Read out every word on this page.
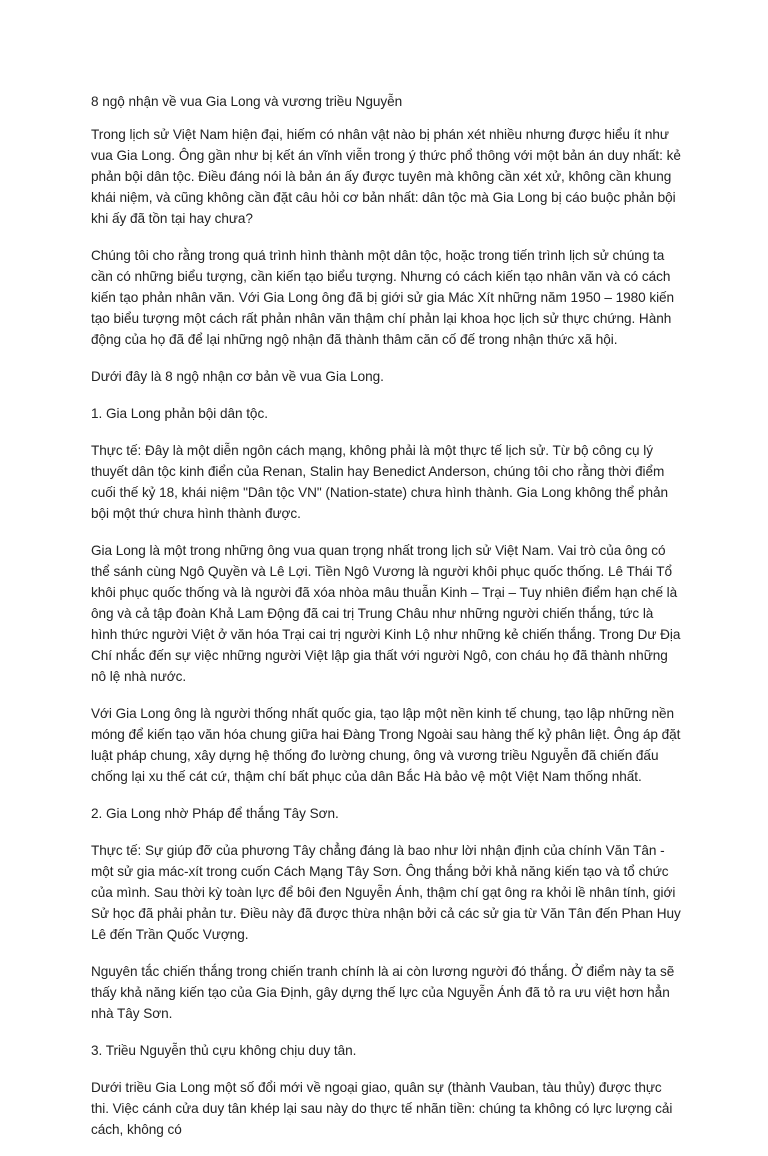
8 ngộ nhận về vua Gia Long và vương triều Nguyễn

Trong lịch sử Việt Nam hiện đại, hiếm có nhân vật nào bị phán xét nhiều nhưng được hiểu ít như vua Gia Long. Ông gần như bị kết án vĩnh viễn trong ý thức phổ thông với một bản án duy nhất: kẻ phản bội dân tộc. Điều đáng nói là bản án ấy được tuyên mà không cần xét xử, không cần khung khái niệm, và cũng không cần đặt câu hỏi cơ bản nhất: dân tộc mà Gia Long bị cáo buộc phản bội khi ấy đã tồn tại hay chưa?

Chúng tôi cho rằng trong quá trình hình thành một dân tộc, hoặc trong tiến trình lịch sử chúng ta cần có những biểu tượng, cần kiến tạo biểu tượng. Nhưng có cách kiến tạo nhân văn và có cách kiến tạo phản nhân văn. Với Gia Long ông đã bị giới sử gia Mác Xít những năm 1950 – 1980 kiến tạo biểu tượng một cách rất phản nhân văn thậm chí phản lại khoa học lịch sử thực chứng. Hành động của họ đã để lại những ngộ nhận đã thành thâm căn cố đế trong nhận thức xã hội.

Dưới đây là 8 ngộ nhận cơ bản về vua Gia Long.

1. Gia Long phản bội dân tộc.

Thực tế: Đây là một diễn ngôn cách mạng, không phải là một thực tế lịch sử. Từ bộ công cụ lý thuyết dân tộc kinh điển của Renan, Stalin hay Benedict Anderson, chúng tôi cho rằng thời điểm cuối thế kỷ 18, khái niệm "Dân tộc VN" (Nation-state) chưa hình thành. Gia Long không thể phản bội một thứ chưa hình thành được.

Gia Long là một trong những ông vua quan trọng nhất trong lịch sử Việt Nam. Vai trò của ông có thể sánh cùng Ngô Quyền và Lê Lợi. Tiền Ngô Vương là người khôi phục quốc thống. Lê Thái Tổ khôi phục quốc thống và là người đã xóa nhòa mâu thuẫn Kinh – Trại – Tuy nhiên điểm hạn chế là ông và cả tập đoàn Khả Lam Động đã cai trị Trung Châu như những người chiến thắng, tức là hình thức người Việt ở văn hóa Trại cai trị người Kinh Lộ như những kẻ chiến thắng. Trong Dư Địa Chí nhắc đến sự việc những người Việt lập gia thất với người Ngô, con cháu họ đã thành những nô lệ nhà nước.

Với Gia Long ông là người thống nhất quốc gia, tạo lập một nền kinh tế chung, tạo lập những nền móng để kiến tạo văn hóa chung giữa hai Đàng Trong Ngoài sau hàng thế kỷ phân liệt. Ông áp đặt luật pháp chung, xây dựng hệ thống đo lường chung, ông và vương triều Nguyễn đã chiến đấu chống lại xu thế cát cứ, thậm chí bất phục của dân Bắc Hà bảo vệ một Việt Nam thống nhất.

2. Gia Long nhờ Pháp để thắng Tây Sơn.

Thực tế: Sự giúp đỡ của phương Tây chẳng đáng là bao như lời nhận định của chính Văn Tân - một sử gia mác-xít trong cuốn Cách Mạng Tây Sơn. Ông thắng bởi khả năng kiến tạo và tổ chức của mình. Sau thời kỳ toàn lực để bôi đen Nguyễn Ánh, thậm chí gạt ông ra khỏi lề nhân tính, giới Sử học đã phải phản tư. Điều này đã được thừa nhận bởi cả các sử gia từ Văn Tân đến Phan Huy Lê đến Trần Quốc Vượng.

Nguyên tắc chiến thắng trong chiến tranh chính là ai còn lương người đó thắng. Ở điểm này ta sẽ thấy khả năng kiến tạo của Gia Định, gây dựng thế lực của Nguyễn Ánh đã tỏ ra ưu việt hơn hẳn nhà Tây Sơn.

3. Triều Nguyễn thủ cựu không chịu duy tân.

Dưới triều Gia Long một số đổi mới về ngoại giao, quân sự (thành Vauban, tàu thủy) được thực thi. Việc cánh cửa duy tân khép lại sau này do thực tế nhãn tiền: chúng ta không có lực lượng cải cách, không có
